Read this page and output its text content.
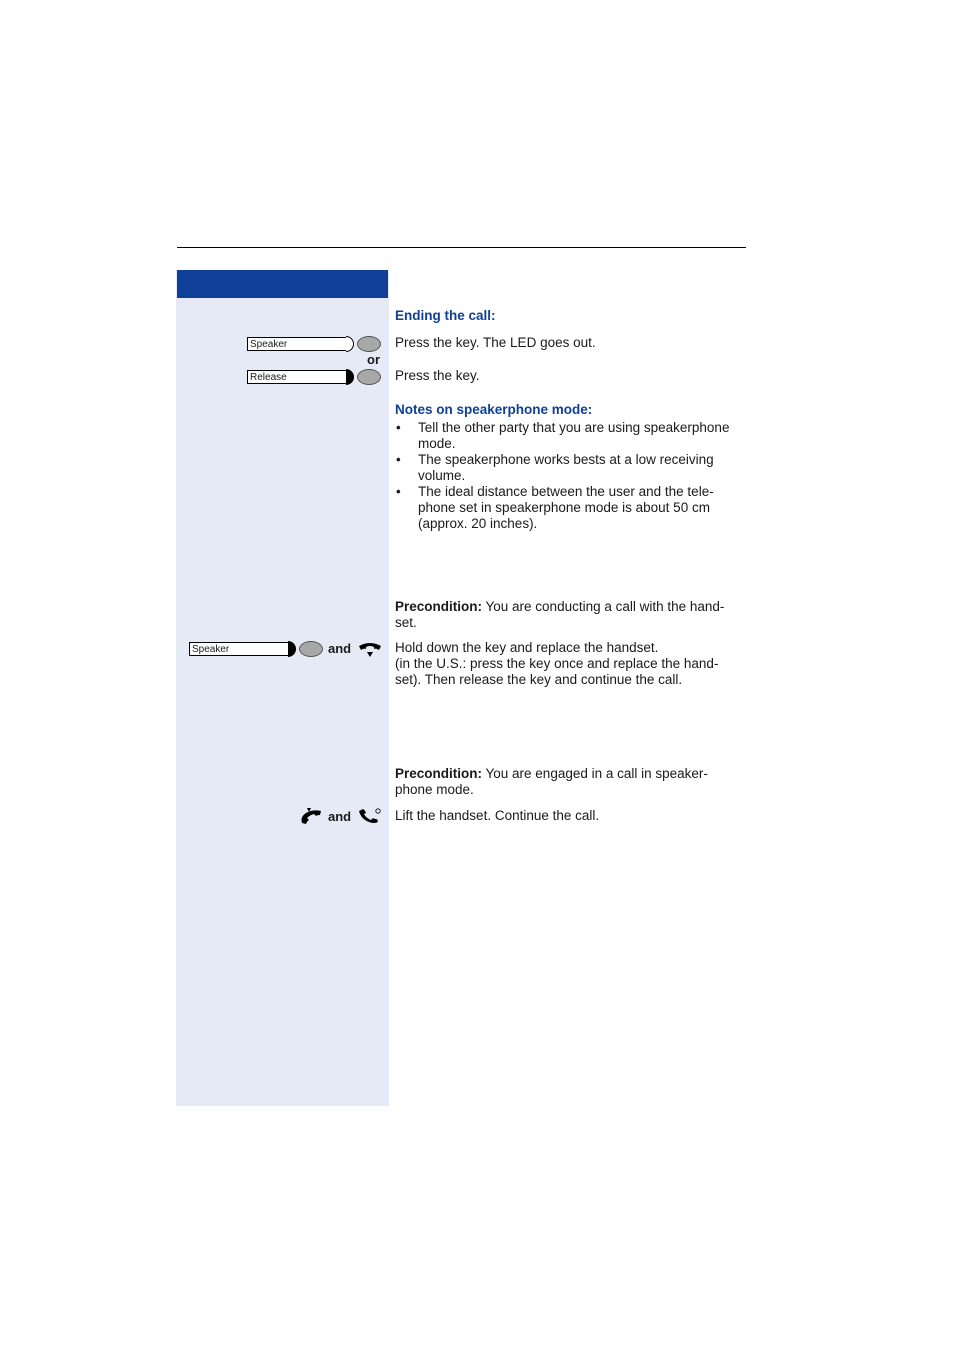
Ending the call:
Speaker	Press the key. The LED goes out.
or
Release	Press the key.
Notes on speakerphone mode:
• Tell the other party that you are using speakerphone
mode.
• The speakerphone works bests at a low receiving
volume.
• The ideal distance between the user and the tele-
phone set in speakerphone mode is about 50 cm
(approx. 20 inches).
Precondition: You are conducting a call with the hand-
set.
Speaker	and	Hold down the key and replace the handset.
(in the U.S.: press the key once and replace the hand-
set). Then release the key and continue the call.
Precondition: You are engaged in a call in speaker-
phone mode.
and	Lift the handset. Continue the call.
